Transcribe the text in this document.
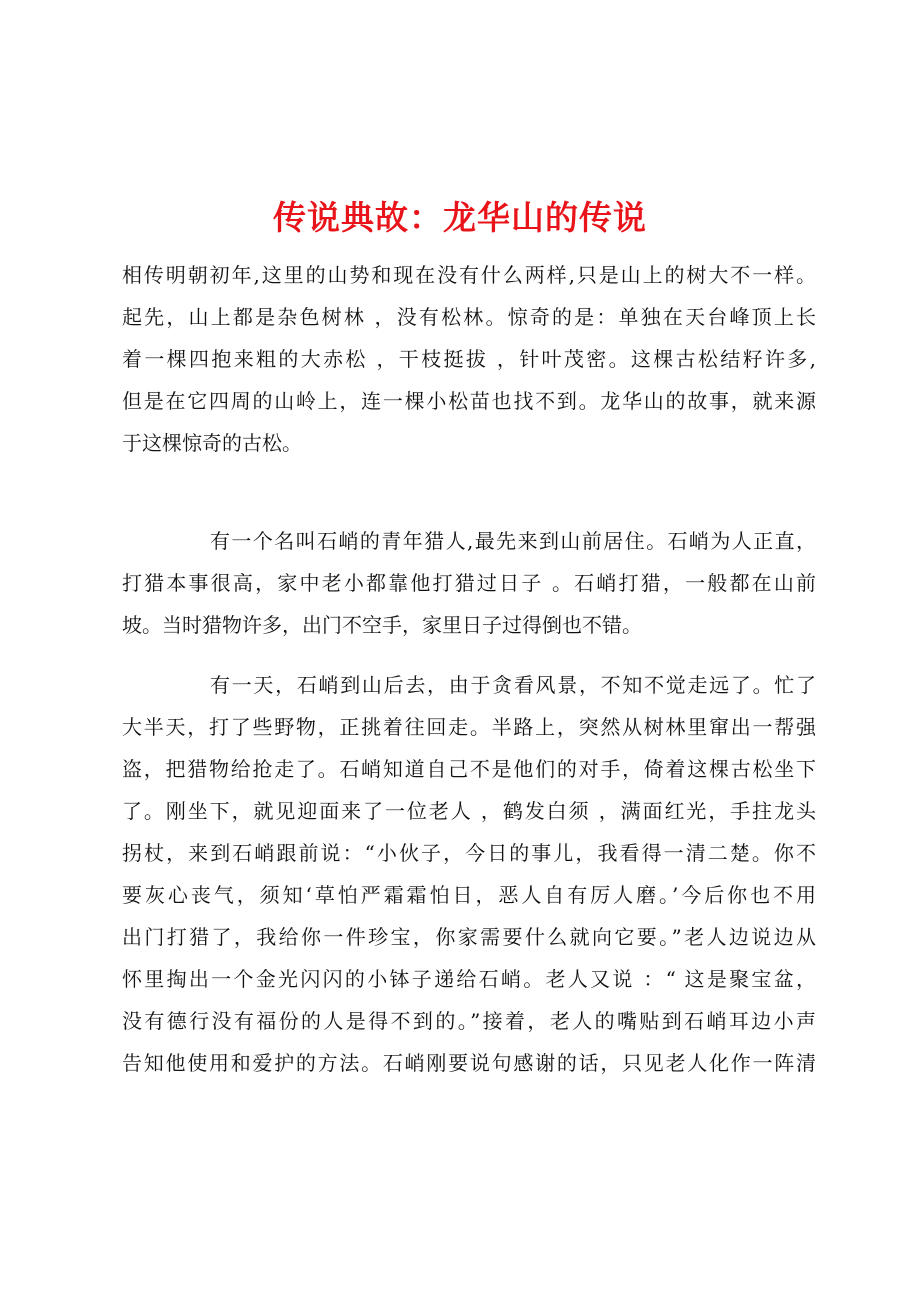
传说典故：龙华山的传说
相传明朝初年,这里的山势和现在没有什么两样,只是山上的树大不一样。
起先，山上都是杂色树林 ，没有松林。惊奇的是：单独在天台峰顶上长
着一棵四抱来粗的大赤松 ，干枝挺拔 ，针叶茂密。这棵古松结籽许多,
但是在它四周的山岭上，连一棵小松苗也找不到。龙华山的故事，就来源
于这棵惊奇的古松。
有一个名叫石峭的青年猎人,最先来到山前居住。石峭为人正直，
打猎本事很高，家中老小都靠他打猎过日子 。石峭打猎，一般都在山前
坡。当时猎物许多，出门不空手，家里日子过得倒也不错。
有一天，石峭到山后去，由于贪看风景，不知不觉走远了。忙了
大半天，打了些野物，正挑着往回走。半路上，突然从树林里窜出一帮强
盗，把猎物给抢走了。石峭知道自己不是他们的对手，倚着这棵古松坐下
了。刚坐下，就见迎面来了一位老人 ，鹤发白须 ，满面红光，手拄龙头
拐杖，来到石峭跟前说：“小伙子，今日的事儿，我看得一清二楚。你不
要灰心丧气，须知‘草怕严霜霜怕日，恶人自有厉人磨。’今后你也不用
出门打猎了，我给你一件珍宝，你家需要什么就向它要。”老人边说边从
怀里掏出一个金光闪闪的小钵子递给石峭。老人又说 ：“ 这是聚宝盆，
没有德行没有福份的人是得不到的。”接着，老人的嘴贴到石峭耳边小声
告知他使用和爱护的方法。石峭刚要说句感谢的话，只见老人化作一阵清
